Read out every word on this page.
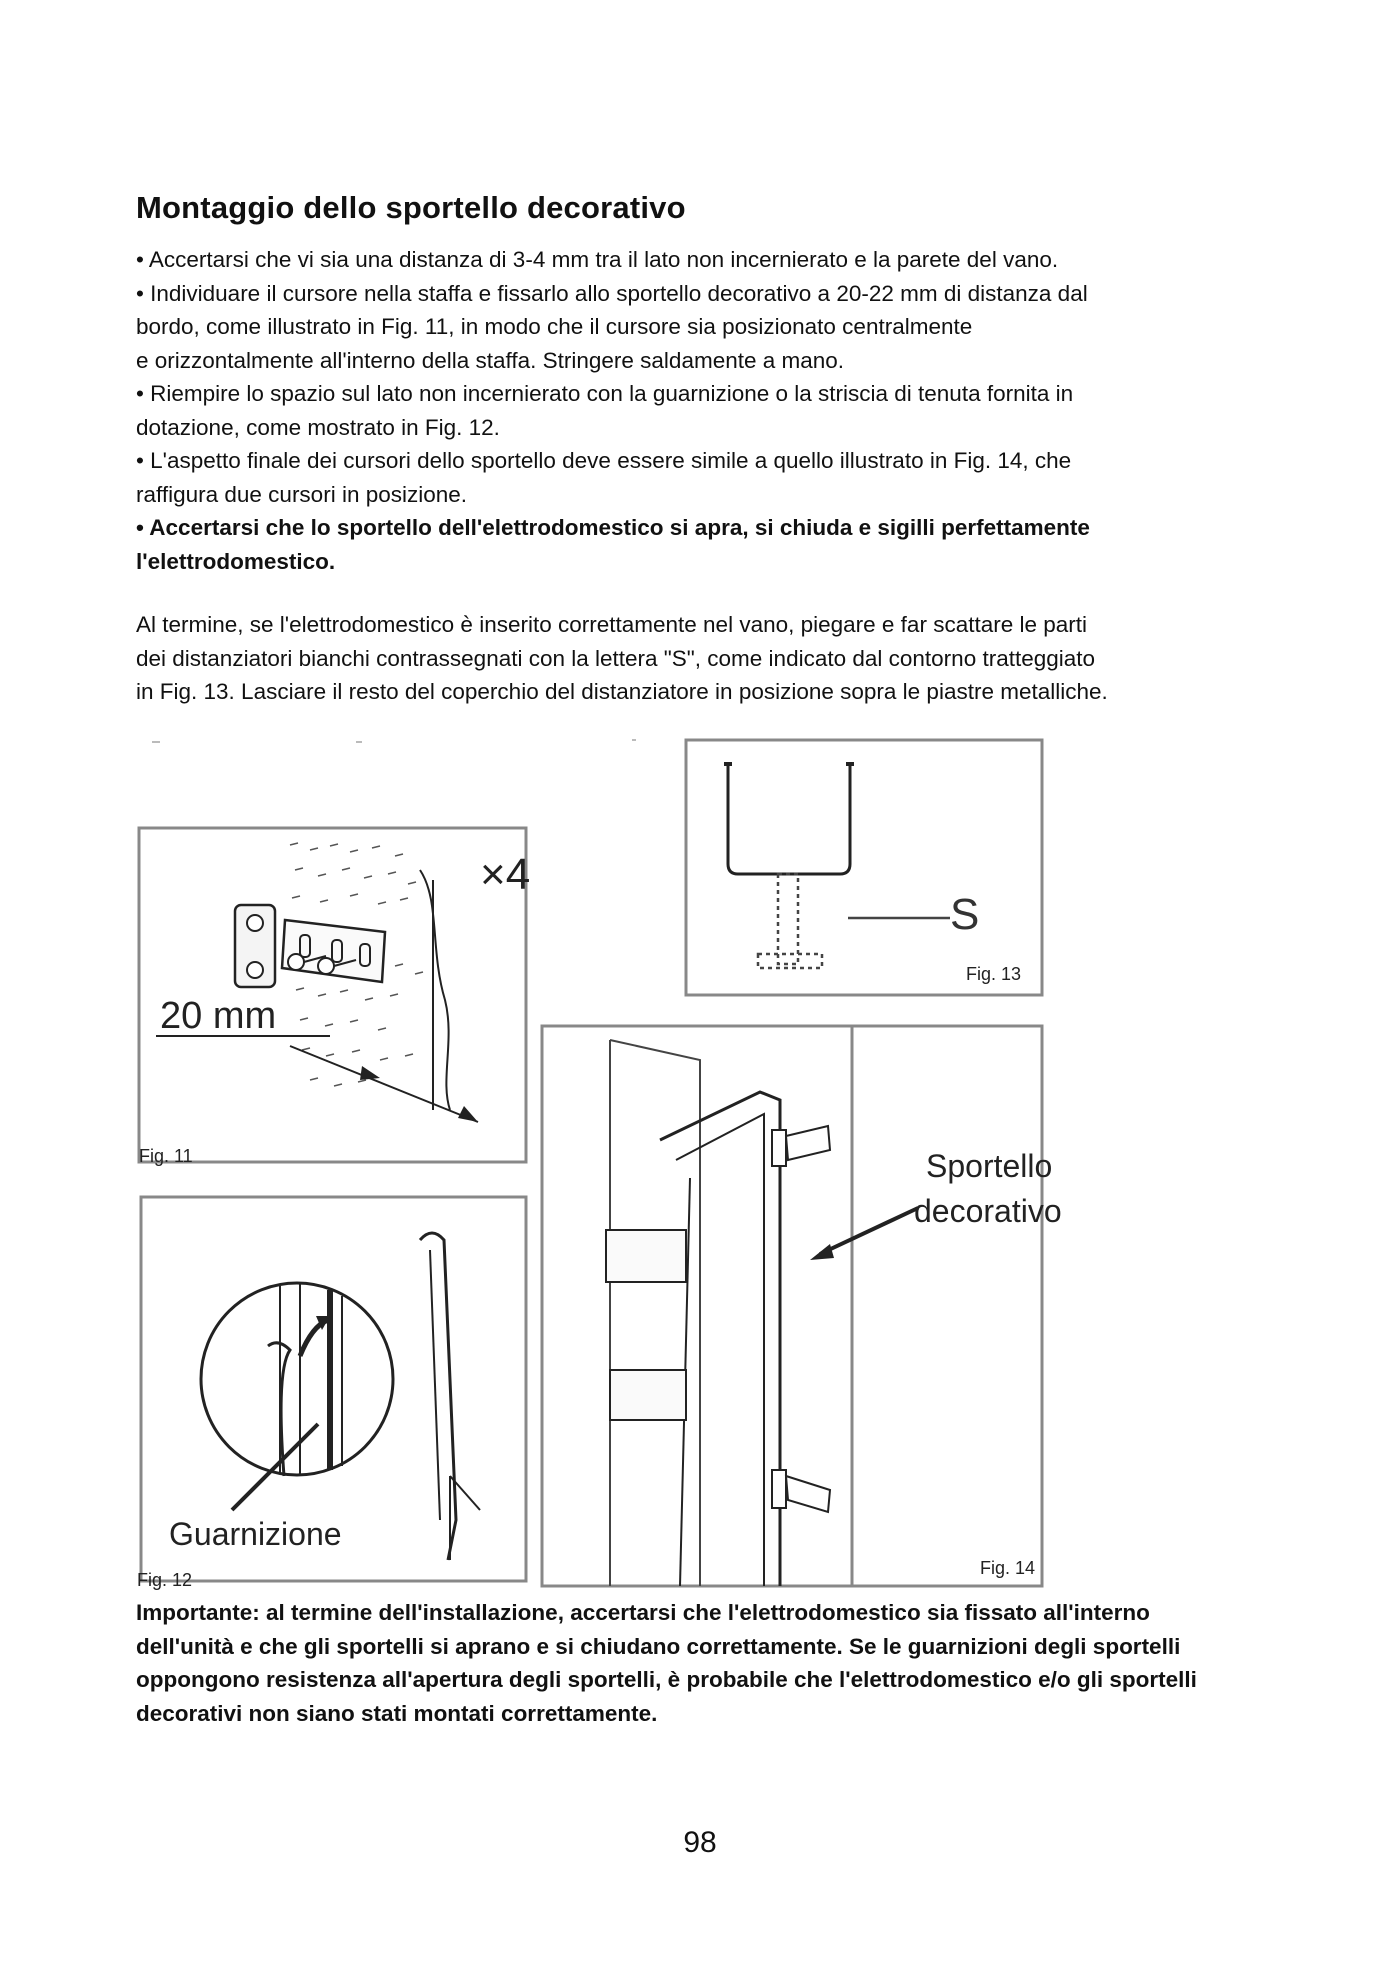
Montaggio dello sportello decorativo

• Accertarsi che vi sia una distanza di 3-4 mm tra il lato non incernierato e la parete del vano.

• Individuare il cursore nella staffa e fissarlo allo sportello decorativo a 20-22 mm di distanza dal

bordo, come illustrato in Fig. 11, in modo che il cursore sia posizionato centralmente

e orizzontalmente all'interno della staffa. Stringere saldamente a mano.

• Riempire lo spazio sul lato non incernierato con la guarnizione o la striscia di tenuta fornita in

dotazione, come mostrato in Fig. 12.

• L'aspetto finale dei cursori dello sportello deve essere simile a quello illustrato in Fig. 14, che

raffigura due cursori in posizione.

• Accertarsi che lo sportello dell'elettrodomestico si apra, si chiuda e sigilli perfettamente

l'elettrodomestico.

Al termine, se l'elettrodomestico è inserito correttamente nel vano, piegare e far scattare le parti

dei distanziatori bianchi contrassegnati con la lettera "S", come indicato dal contorno tratteggiato

in Fig. 13. Lasciare il resto del coperchio del distanziatore in posizione sopra le piastre metalliche.

×4
20 mm
Fig. 11
Guarnizione
Fig. 12
S
Fig. 13
Sportello
decorativo
Fig. 14

Importante: al termine dell'installazione, accertarsi che l'elettrodomestico sia fissato all'interno

dell'unità e che gli sportelli si aprano e si chiudano correttamente. Se le guarnizioni degli sportelli

oppongono resistenza all'apertura degli sportelli, è probabile che l'elettrodomestico e/o gli sportelli

decorativi non siano stati montati correttamente.

98
